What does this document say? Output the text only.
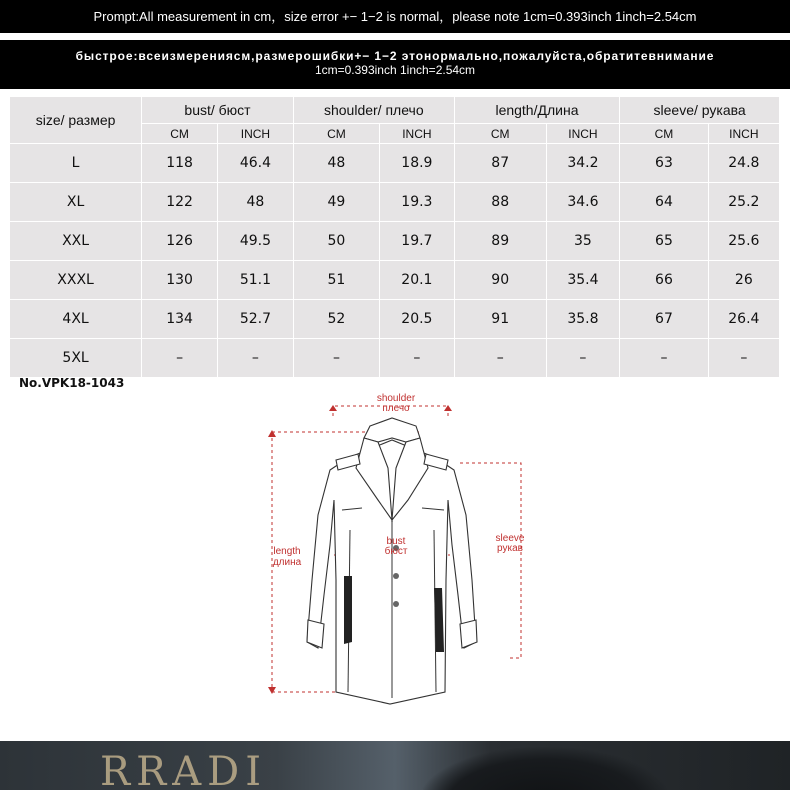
Prompt:All measurement in cm，size error +− 1−2 is normal，please note 1cm=0.393inch 1inch=2.54cm
быстрое:всеизмерениясм,размерошибки+− 1−2 этонормально,пожалуйста,обратитевнимание
1cm=0.393inch 1inch=2.54cm
size/ размер	bust/ бюст		shoulder/ плечо		length/Длина		sleeve/ рукава	
	CM	INCH	CM	INCH	CM	INCH	CM	INCH
L	118	46.4	48	18.9	87	34.2	63	24.8
XL	122	48	49	19.3	88	34.6	64	25.2
XXL	126	49.5	50	19.7	89	35	65	25.6
XXXL	130	51.1	51	20.1	90	35.4	66	26
4XL	134	52.7	52	20.5	91	35.8	67	26.4
5XL	–	–	–	–	–	–	–	–
No.VPK18-1043
shoulder
плечо
length
длина
bust
бюст
sleeve
рукав
RRADI
